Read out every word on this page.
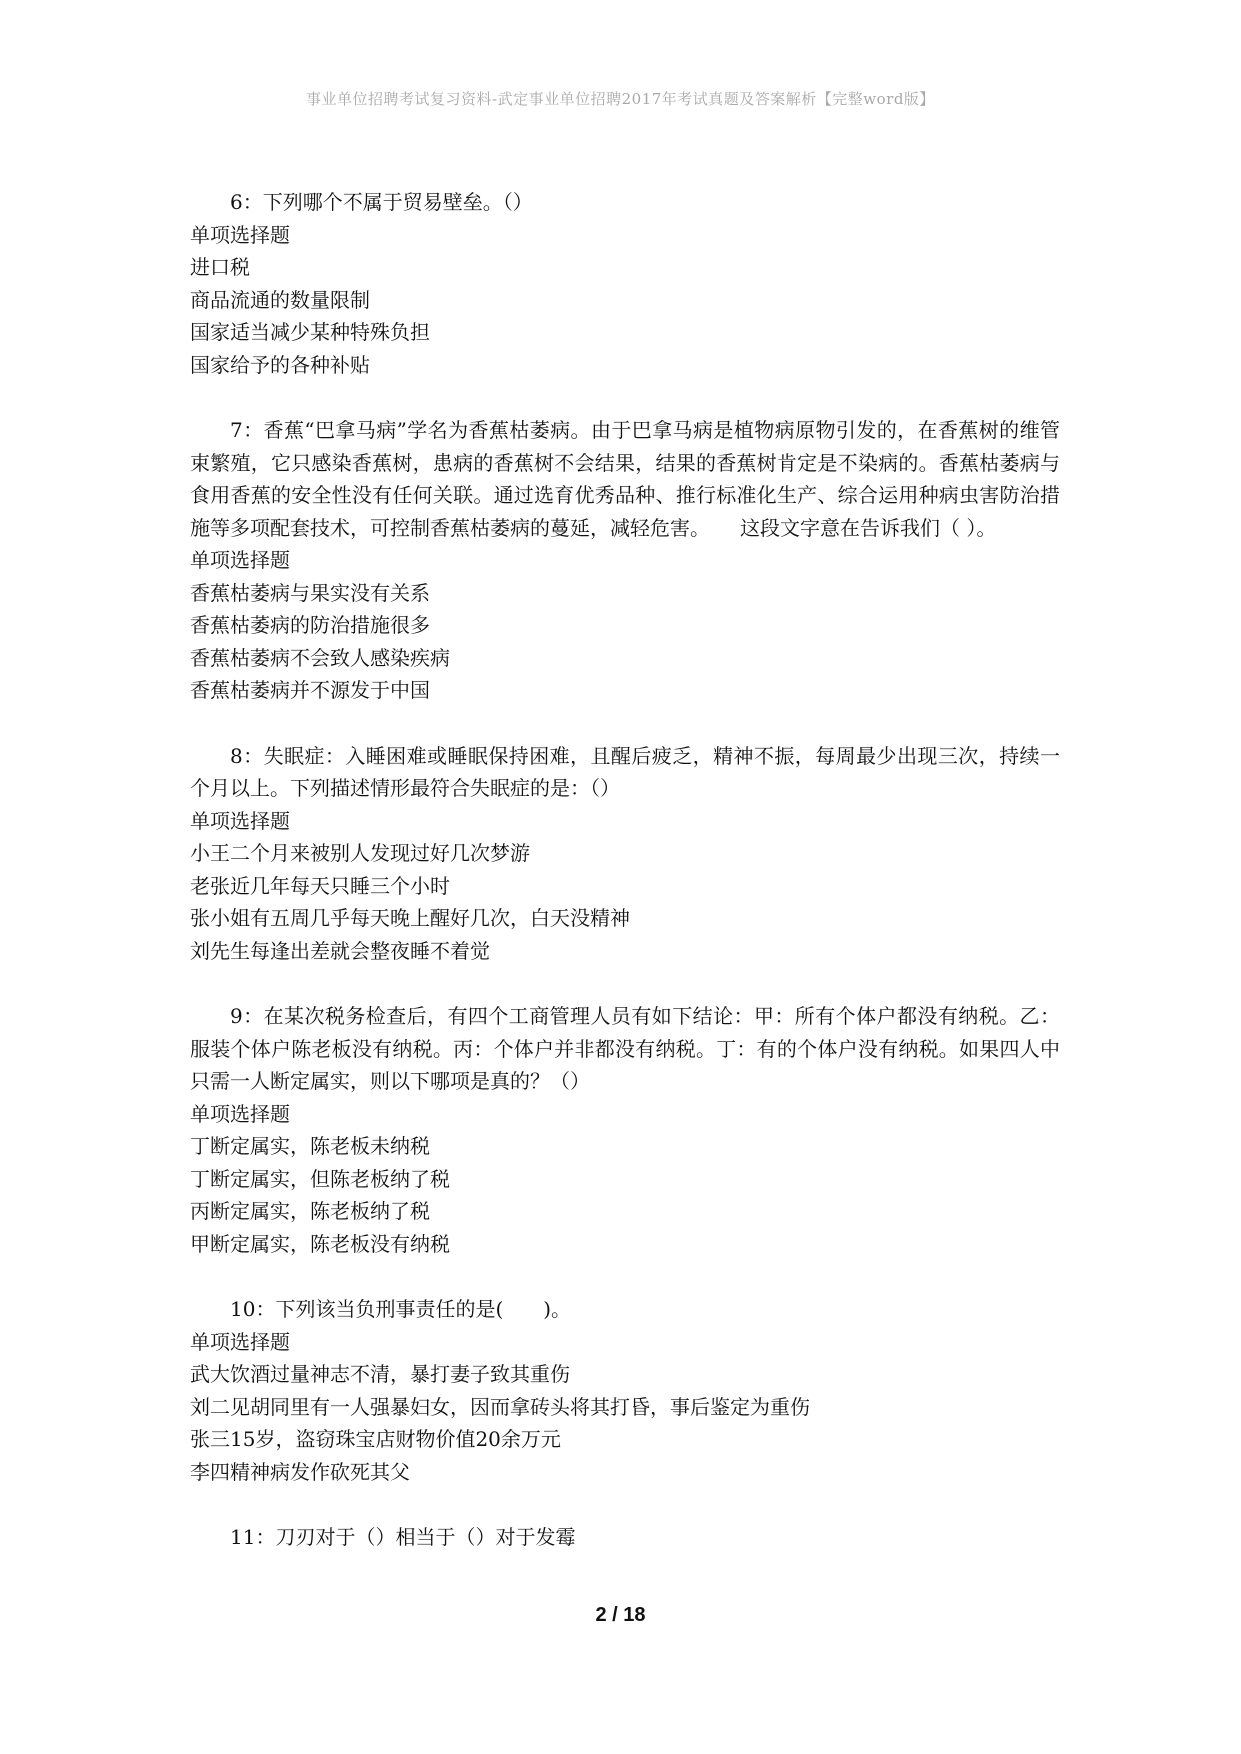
事业单位招聘考试复习资料-武定事业单位招聘2017年考试真题及答案解析【完整word版】
6：下列哪个不属于贸易壁垒。（）
单项选择题
进口税
商品流通的数量限制
国家适当减少某种特殊负担
国家给予的各种补贴
7：香蕉“巴拿马病”学名为香蕉枯萎病。由于巴拿马病是植物病原物引发的，在香蕉树的维管束繁殖，它只感染香蕉树，患病的香蕉树不会结果，结果的香蕉树肯定是不染病的。香蕉枯萎病与食用香蕉的安全性没有任何关联。通过选育优秀品种、推行标准化生产、综合运用种病虫害防治措施等多项配套技术，可控制香蕉枯萎病的蔓延，减轻危害。　　这段文字意在告诉我们（ ）。
单项选择题
香蕉枯萎病与果实没有关系
香蕉枯萎病的防治措施很多
香蕉枯萎病不会致人感染疾病
香蕉枯萎病并不源发于中国
8：失眠症：入睡困难或睡眠保持困难，且醒后疲乏，精神不振，每周最少出现三次，持续一个月以上。下列描述情形最符合失眠症的是：（）
单项选择题
小王二个月来被别人发现过好几次梦游
老张近几年每天只睡三个小时
张小姐有五周几乎每天晚上醒好几次，白天没精神
刘先生每逢出差就会整夜睡不着觉
9：在某次税务检查后，有四个工商管理人员有如下结论：甲：所有个体户都没有纳税。乙：服装个体户陈老板没有纳税。丙：个体户并非都没有纳税。丁：有的个体户没有纳税。如果四人中只需一人断定属实，则以下哪项是真的？（）
单项选择题
丁断定属实，陈老板未纳税
丁断定属实，但陈老板纳了税
丙断定属实，陈老板纳了税
甲断定属实，陈老板没有纳税
10：下列该当负刑事责任的是(　　)。
单项选择题
武大饮酒过量神志不清，暴打妻子致其重伤
刘二见胡同里有一人强暴妇女，因而拿砖头将其打昏，事后鉴定为重伤
张三15岁，盗窃珠宝店财物价值20余万元
李四精神病发作砍死其父
11：刀刃对于（）相当于（）对于发霉
2 / 18
